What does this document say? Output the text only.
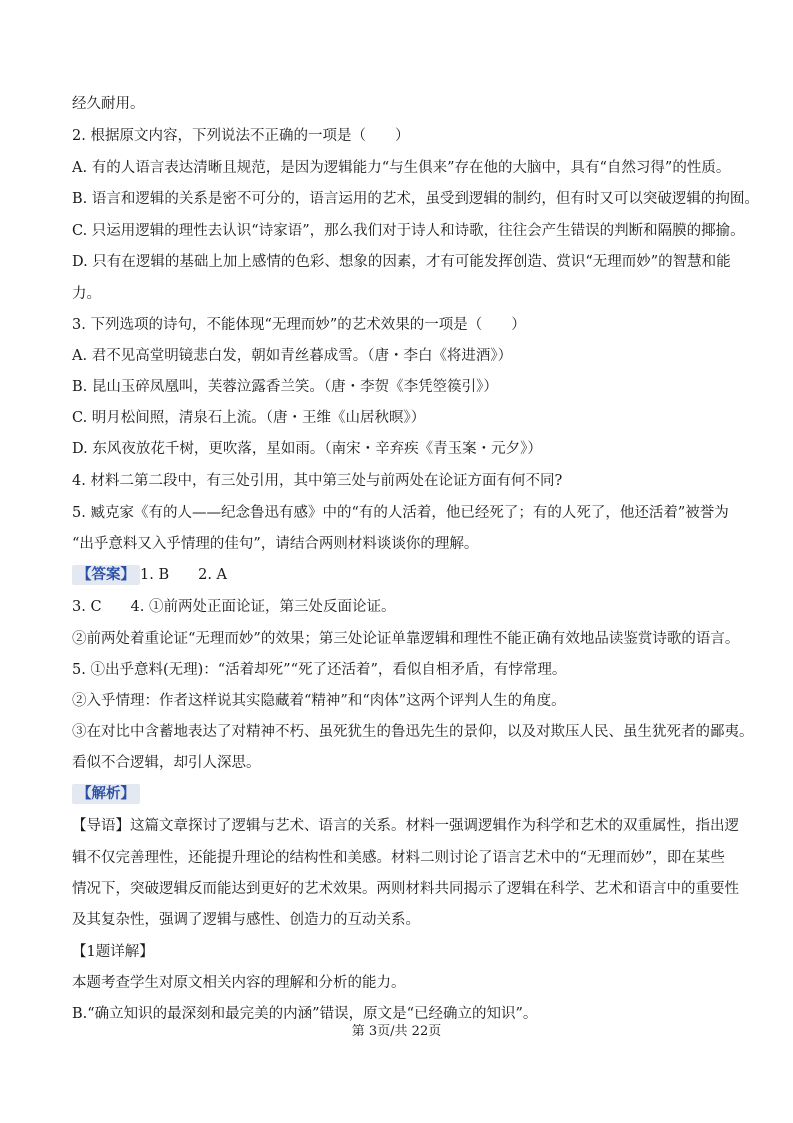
经久耐用。
2. 根据原文内容，下列说法不正确的一项是（　　）
A. 有的人语言表达清晰且规范，是因为逻辑能力“与生俱来”存在他的大脑中，具有“自然习得”的性质。
B. 语言和逻辑的关系是密不可分的，语言运用的艺术，虽受到逻辑的制约，但有时又可以突破逻辑的拘囿。
C. 只运用逻辑的理性去认识“诗家语”，那么我们对于诗人和诗歌，往往会产生错误的判断和隔膜的揶揄。
D. 只有在逻辑的基础上加上感情的色彩、想象的因素，才有可能发挥创造、赏识“无理而妙”的智慧和能
力。
3. 下列选项的诗句，不能体现“无理而妙”的艺术效果的一项是（　　）
A. 君不见高堂明镜悲白发，朝如青丝暮成雪。（唐・李白《将进酒》）
B. 昆山玉碎凤凰叫，芙蓉泣露香兰笑。（唐・李贺《李凭箜篌引》）
C. 明月松间照，清泉石上流。（唐・王维《山居秋暝》）
D. 东风夜放花千树，更吹落，星如雨。（南宋・辛弃疾《青玉案・元夕》）
4. 材料二第二段中，有三处引用，其中第三处与前两处在论证方面有何不同?
5. 臧克家《有的人——纪念鲁迅有感》中的“有的人活着，他已经死了；有的人死了，他还活着”被誉为
“出乎意料又入乎情理的佳句”，请结合两则材料谈谈你的理解。
【答案】 1. B　　2. A
3. C　　4. ①前两处正面论证，第三处反面论证。
②前两处着重论证“无理而妙”的效果；第三处论证单靠逻辑和理性不能正确有效地品读鉴赏诗歌的语言。
5. ①出乎意料(无理)：“活着却死”“死了还活着”，看似自相矛盾，有悖常理。
②入乎情理：作者这样说其实隐藏着“精神”和“肉体”这两个评判人生的角度。
③在对比中含蓄地表达了对精神不朽、虽死犹生的鲁迅先生的景仰，以及对欺压人民、虽生犹死者的鄙夷。
看似不合逻辑，却引人深思。
【解析】
【导语】这篇文章探讨了逻辑与艺术、语言的关系。材料一强调逻辑作为科学和艺术的双重属性，指出逻
辑不仅完善理性，还能提升理论的结构性和美感。材料二则讨论了语言艺术中的“无理而妙”，即在某些
情况下，突破逻辑反而能达到更好的艺术效果。两则材料共同揭示了逻辑在科学、艺术和语言中的重要性
及其复杂性，强调了逻辑与感性、创造力的互动关系。
【1题详解】
本题考查学生对原文相关内容的理解和分析的能力。
B.“确立知识的最深刻和最完美的内涵”错误，原文是“已经确立的知识”。
第 3页/共 22页
